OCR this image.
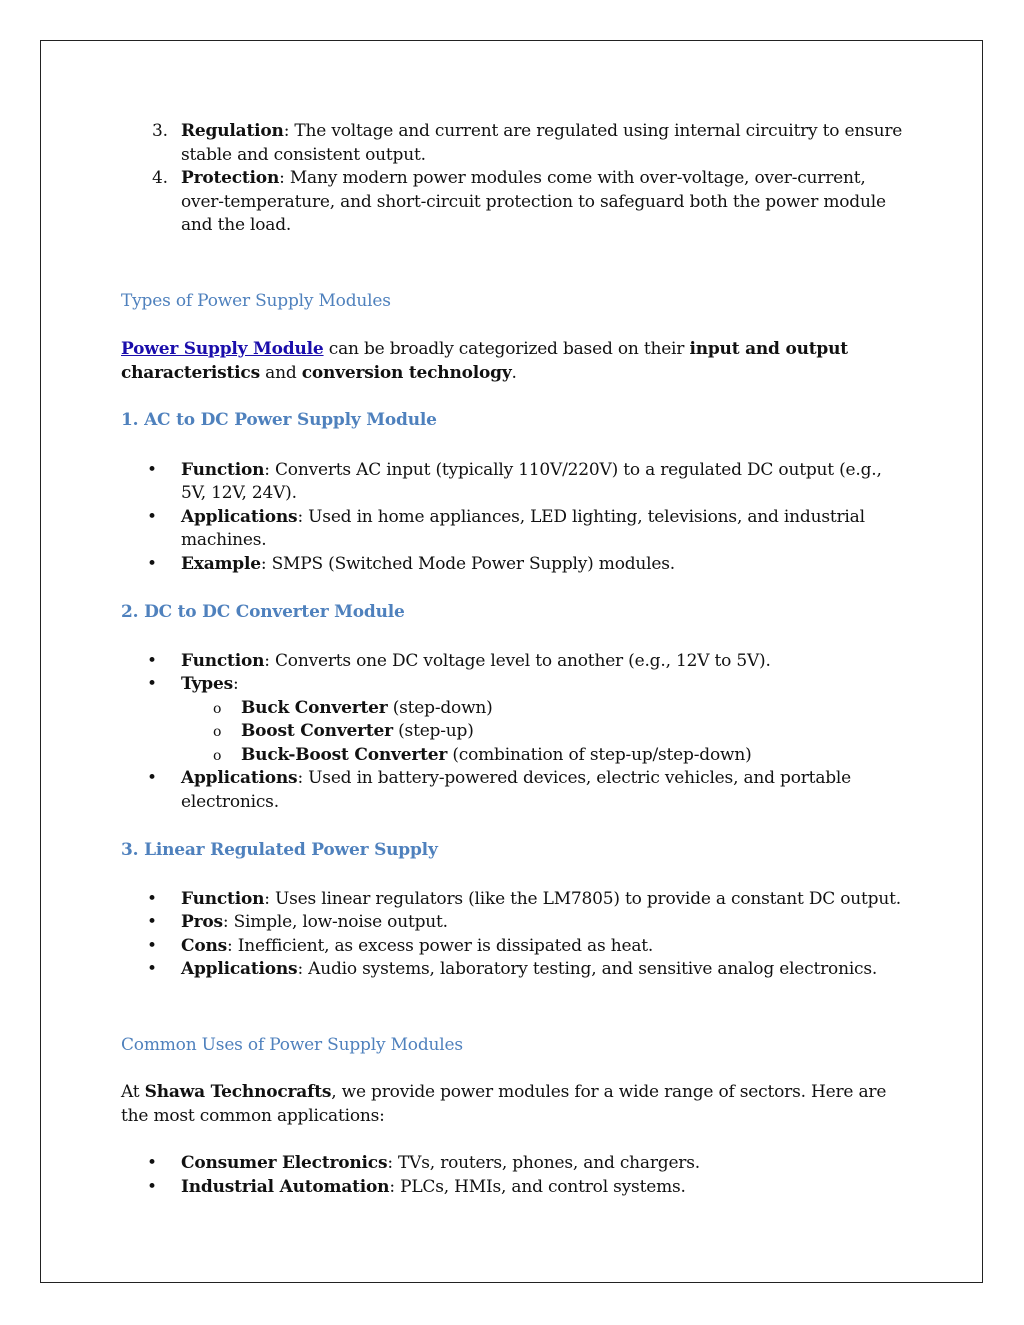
3. Regulation: The voltage and current are regulated using internal circuitry to ensure stable and consistent output.
4. Protection: Many modern power modules come with over-voltage, over-current, over-temperature, and short-circuit protection to safeguard both the power module and the load.
Types of Power Supply Modules

Power Supply Module can be broadly categorized based on their input and output characteristics and conversion technology.

1. AC to DC Power Supply Module
• Function: Converts AC input (typically 110V/220V) to a regulated DC output (e.g., 5V, 12V, 24V).
• Applications: Used in home appliances, LED lighting, televisions, and industrial machines.
• Example: SMPS (Switched Mode Power Supply) modules.
2. DC to DC Converter Module
• Function: Converts one DC voltage level to another (e.g., 12V to 5V).
• Types:
o Buck Converter (step-down)
o Boost Converter (step-up)
o Buck-Boost Converter (combination of step-up/step-down)
• Applications: Used in battery-powered devices, electric vehicles, and portable electronics.
3. Linear Regulated Power Supply
• Function: Uses linear regulators (like the LM7805) to provide a constant DC output.
• Pros: Simple, low-noise output.
• Cons: Inefficient, as excess power is dissipated as heat.
• Applications: Audio systems, laboratory testing, and sensitive analog electronics.
Common Uses of Power Supply Modules

At Shawa Technocrafts, we provide power modules for a wide range of sectors. Here are the most common applications:

• Consumer Electronics: TVs, routers, phones, and chargers.
• Industrial Automation: PLCs, HMIs, and control systems.
